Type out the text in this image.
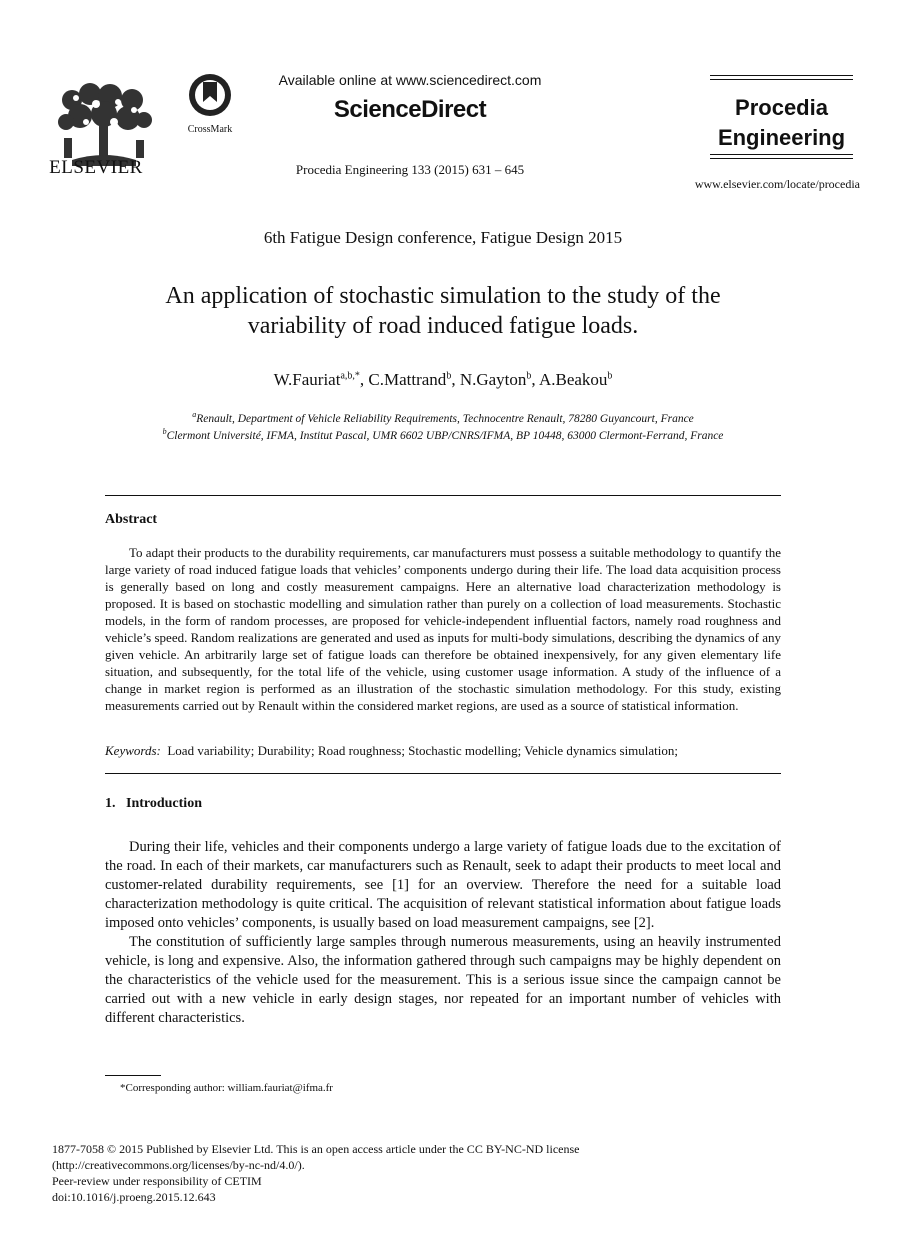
ELSEVIER
CrossMark
Available online at www.sciencedirect.com
ScienceDirect
Procedia Engineering 133 (2015) 631 – 645
Procedia
Engineering
www.elsevier.com/locate/procedia
6th Fatigue Design conference, Fatigue Design 2015
An application of stochastic simulation to the study of the
variability of road induced fatigue loads.
W.Fauriat$^{a,b,*}$, C.Mattrand$^b$, N.Gayton$^b$, A.Beakou$^b$
$^a$Renault, Department of Vehicle Reliability Requirements, Technocentre Renault, 78280 Guyancourt, France
$^b$Clermont Université, IFMA, Institut Pascal, UMR 6602 UBP/CNRS/IFMA, BP 10448, 63000 Clermont-Ferrand, France
Abstract

To adapt their products to the durability requirements, car manufacturers must possess a suitable methodology to quantify the large variety of road induced fatigue loads that vehicles’ components undergo during their life. The load data acquisition process is generally based on long and costly measurement campaigns. Here an alternative load characterization methodology is proposed. It is based on stochastic modelling and simulation rather than purely on a collection of load measurements. Stochastic models, in the form of random processes, are proposed for vehicle-independent influential factors, namely road roughness and vehicle’s speed. Random realizations are generated and used as inputs for multi-body simulations, describing the dynamics of any given vehicle. An arbitrarily large set of fatigue loads can therefore be obtained inexpensively, for any given elementary life situation, and subsequently, for the total life of the vehicle, using customer usage information. A study of the influence of a change in market region is performed as an illustration of the stochastic simulation methodology. For this study, existing measurements carried out by Renault within the considered market regions, are used as a source of statistical information.

Keywords: Load variability; Durability; Road roughness; Stochastic modelling; Vehicle dynamics simulation;
1.   Introduction

During their life, vehicles and their components undergo a large variety of fatigue loads due to the excitation of the road. In each of their markets, car manufacturers such as Renault, seek to adapt their products to meet local and customer-related durability requirements, see [1] for an overview. Therefore the need for a suitable load characterization methodology is quite critical. The acquisition of relevant statistical information about fatigue loads imposed onto vehicles’ components, is usually based on load measurement campaigns, see [2].

The constitution of sufficiently large samples through numerous measurements, using an heavily instrumented vehicle, is long and expensive. Also, the information gathered through such campaigns may be highly dependent on the characteristics of the vehicle used for the measurement. This is a serious issue since the campaign cannot be carried out with a new vehicle in early design stages, nor repeated for an important number of vehicles with different characteristics.

*Corresponding author: william.fauriat@ifma.fr
1877-7058 © 2015 Published by Elsevier Ltd. This is an open access article under the CC BY-NC-ND license
(http://creativecommons.org/licenses/by-nc-nd/4.0/).
Peer-review under responsibility of CETIM
doi:10.1016/j.proeng.2015.12.643
